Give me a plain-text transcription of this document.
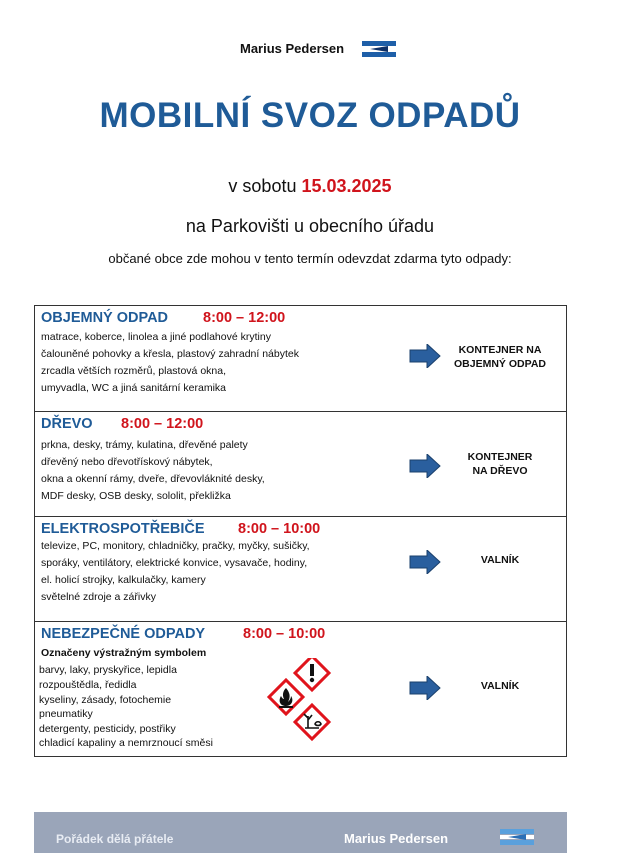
Marius Pedersen
MOBILNÍ SVOZ ODPADŮ
v sobotu 15.03.2025
na Parkovišti u obecního úřadu
občané obce zde mohou v tento termín odevzdat zdarma tyto odpady:
OBJEMNÝ ODPAD 8:00 – 12:00
matrace, koberce, linolea a jiné podlahové krytiny
čalouněné pohovky a křesla, plastový zahradní nábytek
zrcadla větších rozměrů, plastová okna,
umyvadla, WC a jiná sanitární keramika
KONTEJNER NA
OBJEMNÝ ODPAD
DŘEVO 8:00 – 12:00
prkna, desky, trámy, kulatina, dřevěné palety
dřevěný nebo dřevotřískový nábytek,
okna a okenní rámy, dveře, dřevovláknité desky,
MDF desky, OSB desky, sololit, překližka
KONTEJNER
NA DŘEVO
ELEKTROSPOTŘEBIČE 8:00 – 10:00
televize, PC, monitory, chladničky, pračky, myčky, sušičky,
sporáky, ventilátory, elektrické konvice, vysavače, hodiny,
el. holicí strojky, kalkulačky, kamery
světelné zdroje a zářivky
VALNÍK
NEBEZPEČNÉ ODPADY	8:00 – 10:00
Označeny výstražným symbolem
barvy, laky, pryskyřice, lepidla
rozpouštědla, ředidla
kyseliny, zásady, fotochemie
pneumatiky
detergenty, pesticidy, postřiky
chladicí kapaliny a nemrznoucí směsi
VALNÍK
Pořádek dělá přátele	Marius Pedersen
